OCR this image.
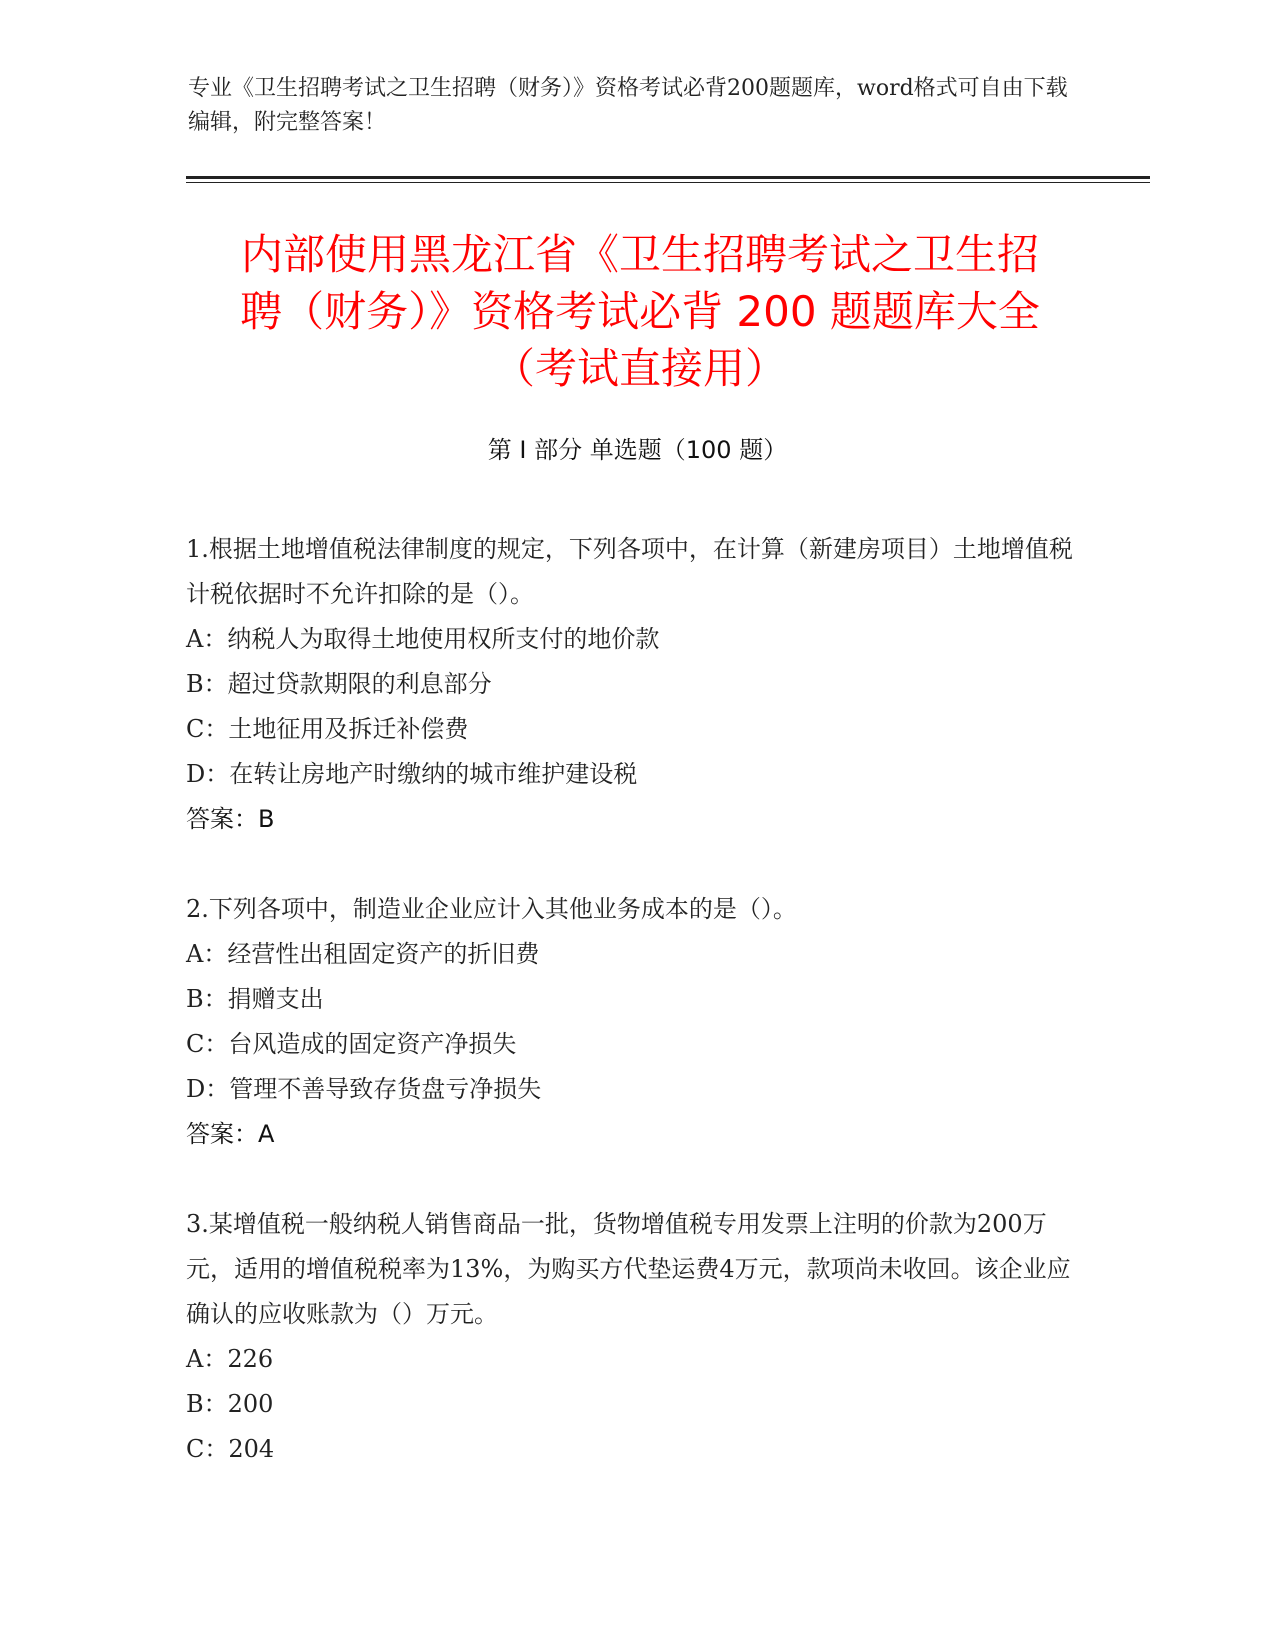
专业《卫生招聘考试之卫生招聘（财务）》资格考试必背200题题库，word格式可自由下载编辑，附完整答案！
内部使用黑龙江省《卫生招聘考试之卫生招
聘（财务）》资格考试必背 200 题题库大全
（考试直接用）
第 I 部分 单选题（100 题）

1.根据土地增值税法律制度的规定，下列各项中，在计算（新建房项目）土地增值税计税依据时不允许扣除的是（）。

A：纳税人为取得土地使用权所支付的地价款

B：超过贷款期限的利息部分

C：土地征用及拆迁补偿费

D：在转让房地产时缴纳的城市维护建设税

答案：B

2.下列各项中，制造业企业应计入其他业务成本的是（）。

A：经营性出租固定资产的折旧费

B：捐赠支出

C：台风造成的固定资产净损失

D：管理不善导致存货盘亏净损失

答案：A

3.某增值税一般纳税人销售商品一批，货物增值税专用发票上注明的价款为200万元，适用的增值税税率为13%，为购买方代垫运费4万元，款项尚未收回。该企业应确认的应收账款为（）万元。

A：226

B：200

C：204
